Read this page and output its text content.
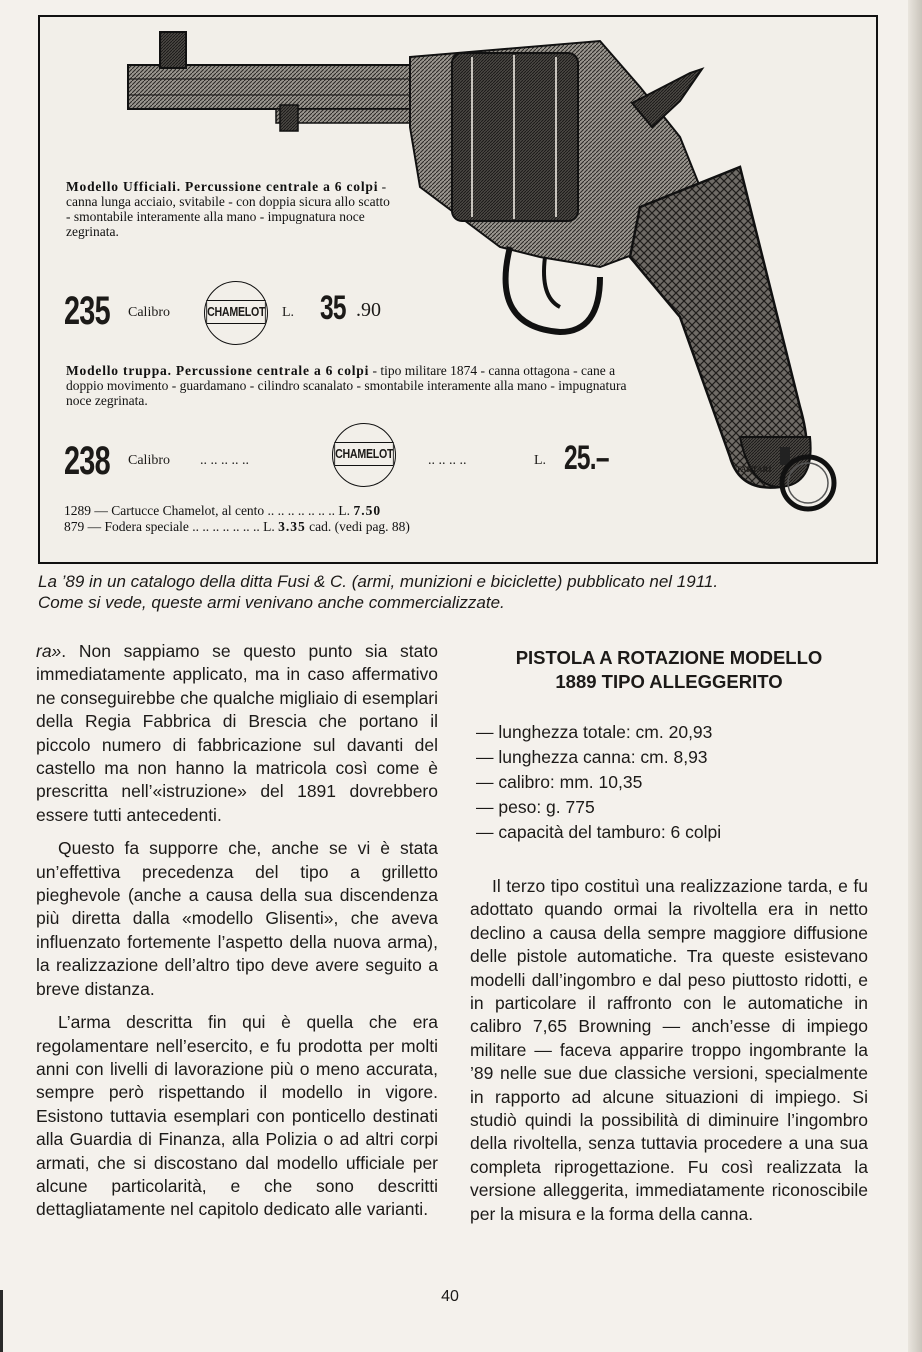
Modello Ufficiali. Percussione centrale a 6 colpi - canna lunga acciaio, svitabile - con doppia sicura allo scatto - smontabile interamente alla mano - impugnatura noce zegrinata.
235 Calibro	CHAMELOT L. 35 .90
Modello truppa. Percussione centrale a 6 colpi - tipo militare 1874 - canna ottagona - cane a doppio movimento - guardamano - cilindro scanalato - smontabile interamente alla mano - impugnatura noce zegrinata.
238 Calibro .. .. .. .. ..	CHAMELOT .. .. .. ..	L. 25.–
1289 — Cartucce Chamelot, al cento .. .. .. .. .. .. .. L. 7.50
879 — Fodera speciale .. .. .. .. .. .. .. L. 3.35 cad. (vedi pag. 88)
TARTARI
La ’89 in un catalogo della ditta Fusi & C. (armi, munizioni e biciclette) pubblicato nel 1911.
Come si vede, queste armi venivano anche commercializzate.

ra». Non sappiamo se questo punto sia stato immediatamente applicato, ma in caso affermativo ne conseguirebbe che qualche migliaio di esemplari della Regia Fabbrica di Brescia che portano il piccolo numero di fabbricazione sul davanti del castello ma non hanno la matricola così come è prescritta nell’«istruzione» del 1891 dovrebbero essere tutti antecedenti.

Questo fa supporre che, anche se vi è stata un’effettiva precedenza del tipo a grilletto pieghevole (anche a causa della sua discendenza più diretta dalla «modello Glisenti», che aveva influenzato fortemente l’aspetto della nuova arma), la realizzazione dell’altro tipo deve avere seguito a breve distanza.

L’arma descritta fin qui è quella che era regolamentare nell’esercito, e fu prodotta per molti anni con livelli di lavorazione più o meno accurata, sempre però rispettando il modello in vigore. Esistono tuttavia esemplari con ponticello destinati alla Guardia di Finanza, alla Polizia o ad altri corpi armati, che si discostano dal modello ufficiale per alcune particolarità, e che sono descritti dettagliatamente nel capitolo dedicato alle varianti.

PISTOLA A ROTAZIONE MODELLO
1889 TIPO ALLEGGERITO
— lunghezza totale: cm. 20,93
— lunghezza canna: cm. 8,93
— calibro: mm. 10,35
— peso: g. 775
— capacità del tamburo: 6 colpi

Il terzo tipo costituì una realizzazione tarda, e fu adottato quando ormai la rivoltella era in netto declino a causa della sempre maggiore diffusione delle pistole automatiche. Tra queste esistevano modelli dall’ingombro e dal peso piuttosto ridotti, e in particolare il raffronto con le automatiche in calibro 7,65 Browning — anch’esse di impiego militare — faceva apparire troppo ingombrante la ’89 nelle sue due classiche versioni, specialmente in rapporto ad alcune situazioni di impiego. Si studiò quindi la possibilità di diminuire l’ingombro della rivoltella, senza tuttavia procedere a una sua completa riprogettazione. Fu così realizzata la versione alleggerita, immediatamente riconoscibile per la misura e la forma della canna.

40
